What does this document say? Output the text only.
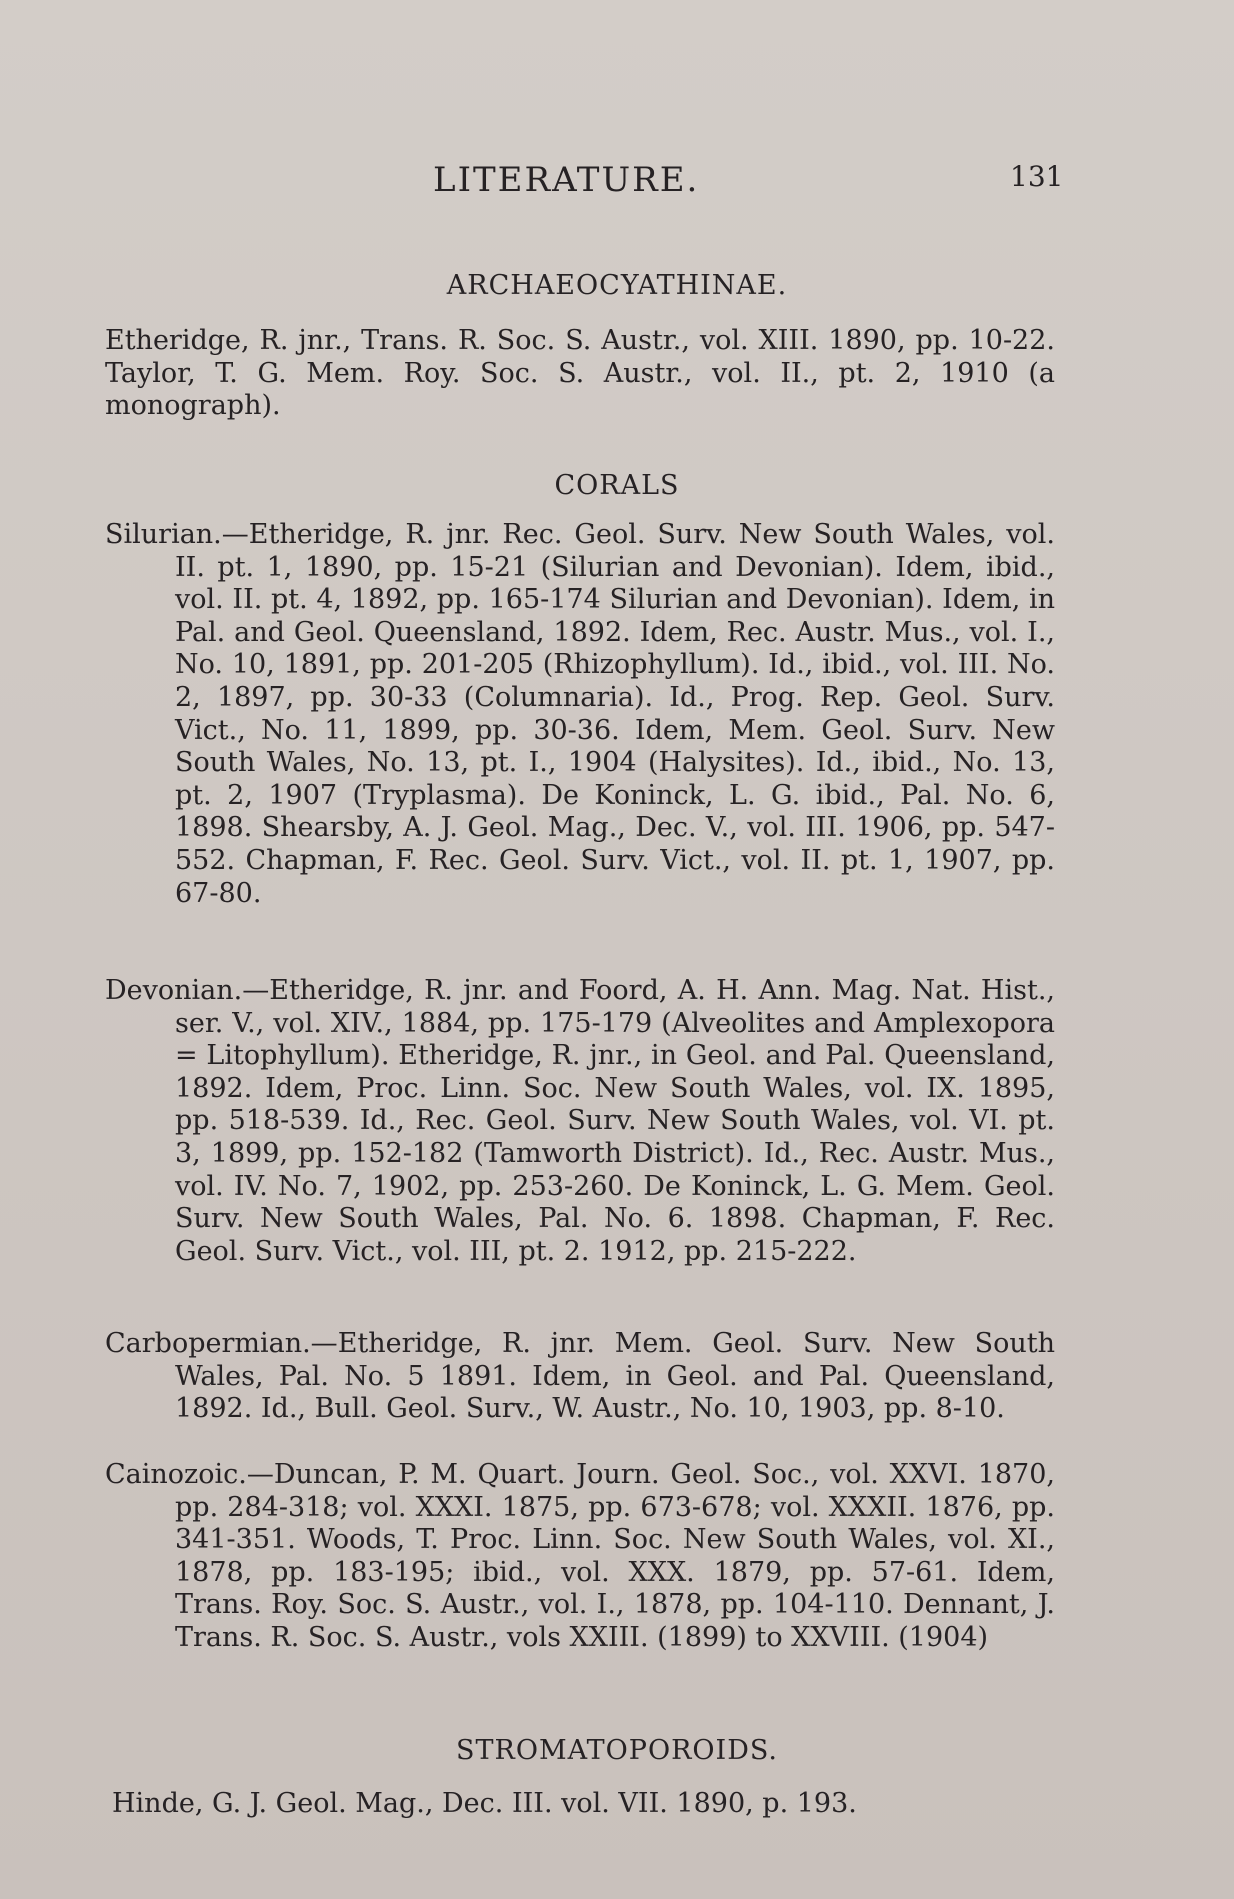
LITERATURE.	131
ARCHAEOCYATHINAE.

Etheridge, R. jnr., Trans. R. Soc. S. Austr., vol. XIII. 1890, pp. 10-22. Taylor, T. G. Mem. Roy. Soc. S. Austr., vol. II., pt. 2, 1910 (a monograph).

CORALS

Silurian.—Etheridge, R. jnr. Rec. Geol. Surv. New South Wales, vol. II. pt. 1, 1890, pp. 15-21 (Silurian and Devonian). Idem, ibid., vol. II. pt. 4, 1892, pp. 165-174 Silurian and Devonian). Idem, in Pal. and Geol. Queensland, 1892. Idem, Rec. Austr. Mus., vol. I., No. 10, 1891, pp. 201-205 (Rhizophyllum). Id., ibid., vol. III. No. 2, 1897, pp. 30-33 (Columnaria). Id., Prog. Rep. Geol. Surv. Vict., No. 11, 1899, pp. 30-36. Idem, Mem. Geol. Surv. New South Wales, No. 13, pt. I., 1904 (Halysites). Id., ibid., No. 13, pt. 2, 1907 (Tryplasma). De Koninck, L. G. ibid., Pal. No. 6, 1898. Shearsby, A. J. Geol. Mag., Dec. V., vol. III. 1906, pp. 547-552. Chapman, F. Rec. Geol. Surv. Vict., vol. II. pt. 1, 1907, pp. 67-80.

Devonian.—Etheridge, R. jnr. and Foord, A. H. Ann. Mag. Nat. Hist., ser. V., vol. XIV., 1884, pp. 175-179 (Alveolites and Amplexopora = Litophyllum). Etheridge, R. jnr., in Geol. and Pal. Queensland, 1892. Idem, Proc. Linn. Soc. New South Wales, vol. IX. 1895, pp. 518-539. Id., Rec. Geol. Surv. New South Wales, vol. VI. pt. 3, 1899, pp. 152-182 (Tamworth District). Id., Rec. Austr. Mus., vol. IV. No. 7, 1902, pp. 253-260. De Koninck, L. G. Mem. Geol. Surv. New South Wales, Pal. No. 6. 1898. Chapman, F. Rec. Geol. Surv. Vict., vol. III, pt. 2. 1912, pp. 215-222.

Carbopermian.—Etheridge, R. jnr. Mem. Geol. Surv. New South Wales, Pal. No. 5 1891. Idem, in Geol. and Pal. Queensland, 1892. Id., Bull. Geol. Surv., W. Austr., No. 10, 1903, pp. 8-10.

Cainozoic.—Duncan, P. M. Quart. Journ. Geol. Soc., vol. XXVI. 1870, pp. 284-318; vol. XXXI. 1875, pp. 673-678; vol. XXXII. 1876, pp. 341-351. Woods, T. Proc. Linn. Soc. New South Wales, vol. XI., 1878, pp. 183-195; ibid., vol. XXX. 1879, pp. 57-61. Idem, Trans. Roy. Soc. S. Austr., vol. I., 1878, pp. 104-110. Dennant, J. Trans. R. Soc. S. Austr., vols XXIII. (1899) to XXVIII. (1904)

STROMATOPOROIDS.

Hinde, G. J. Geol. Mag., Dec. III. vol. VII. 1890, p. 193.
